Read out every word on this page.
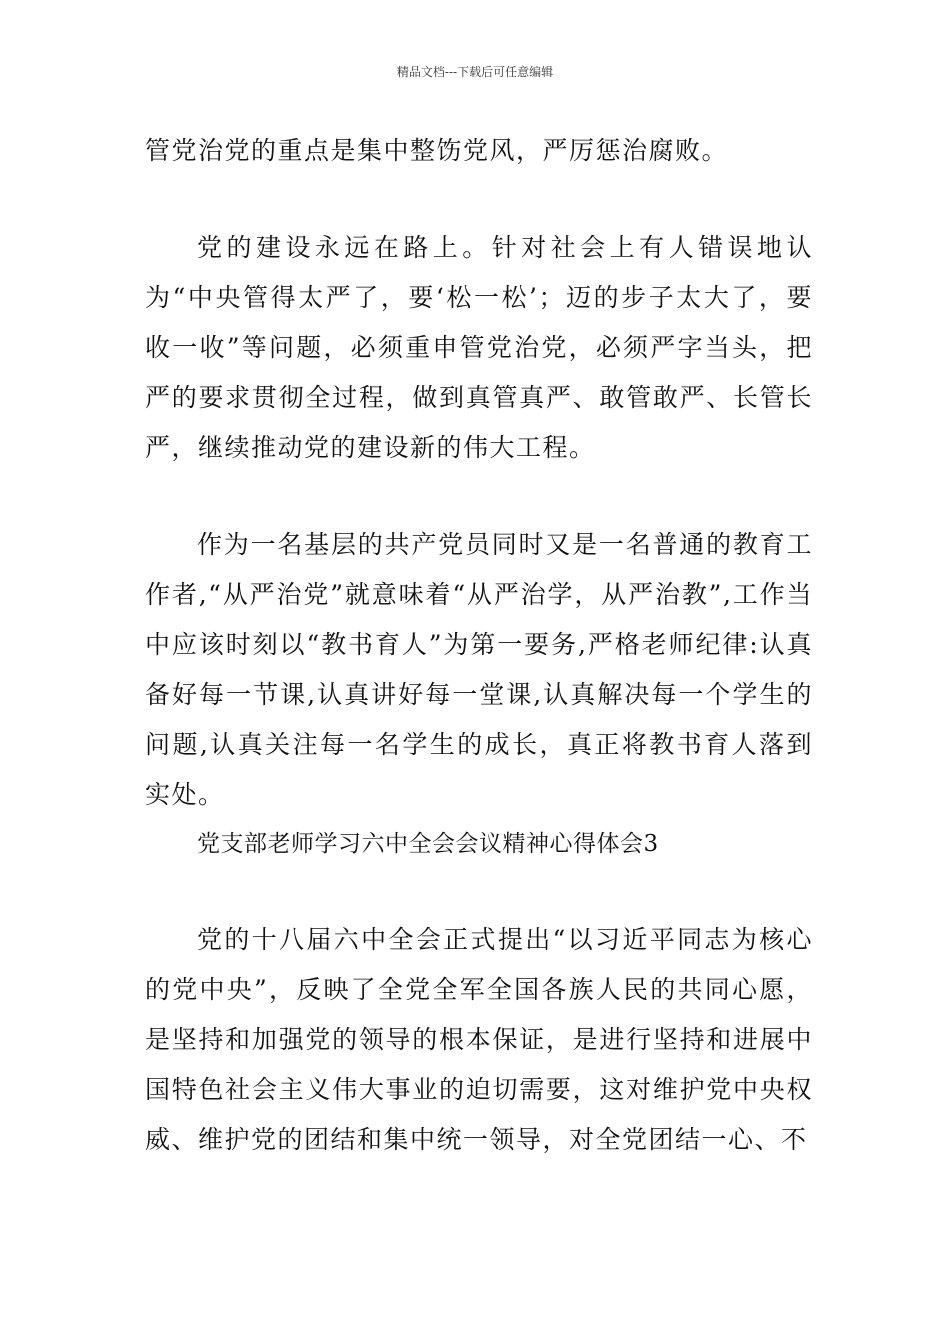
精品文档---下载后可任意编辑

管党治党的重点是集中整饬党风，严厉惩治腐败。

党的建设永远在路上。针对社会上有人错误地认为“中央管得太严了，要‘松一松’；迈的步子太大了，要收一收”等问题，必须重申管党治党，必须严字当头，把严的要求贯彻全过程，做到真管真严、敢管敢严、长管长严，继续推动党的建设新的伟大工程。

作为一名基层的共产党员同时又是一名普通的教育工作者,“从严治党”就意味着“从严治学，从严治教”,工作当中应该时刻以“教书育人”为第一要务,严格老师纪律:认真备好每一节课,认真讲好每一堂课,认真解决每一个学生的问题,认真关注每一名学生的成长，真正将教书育人落到实处。

党支部老师学习六中全会会议精神心得体会3

党的十八届六中全会正式提出“以习近平同志为核心的党中央”，反映了全党全军全国各族人民的共同心愿，是坚持和加强党的领导的根本保证，是进行坚持和进展中国特色社会主义伟大事业的迫切需要，这对维护党中央权威、维护党的团结和集中统一领导，对全党团结一心、不
